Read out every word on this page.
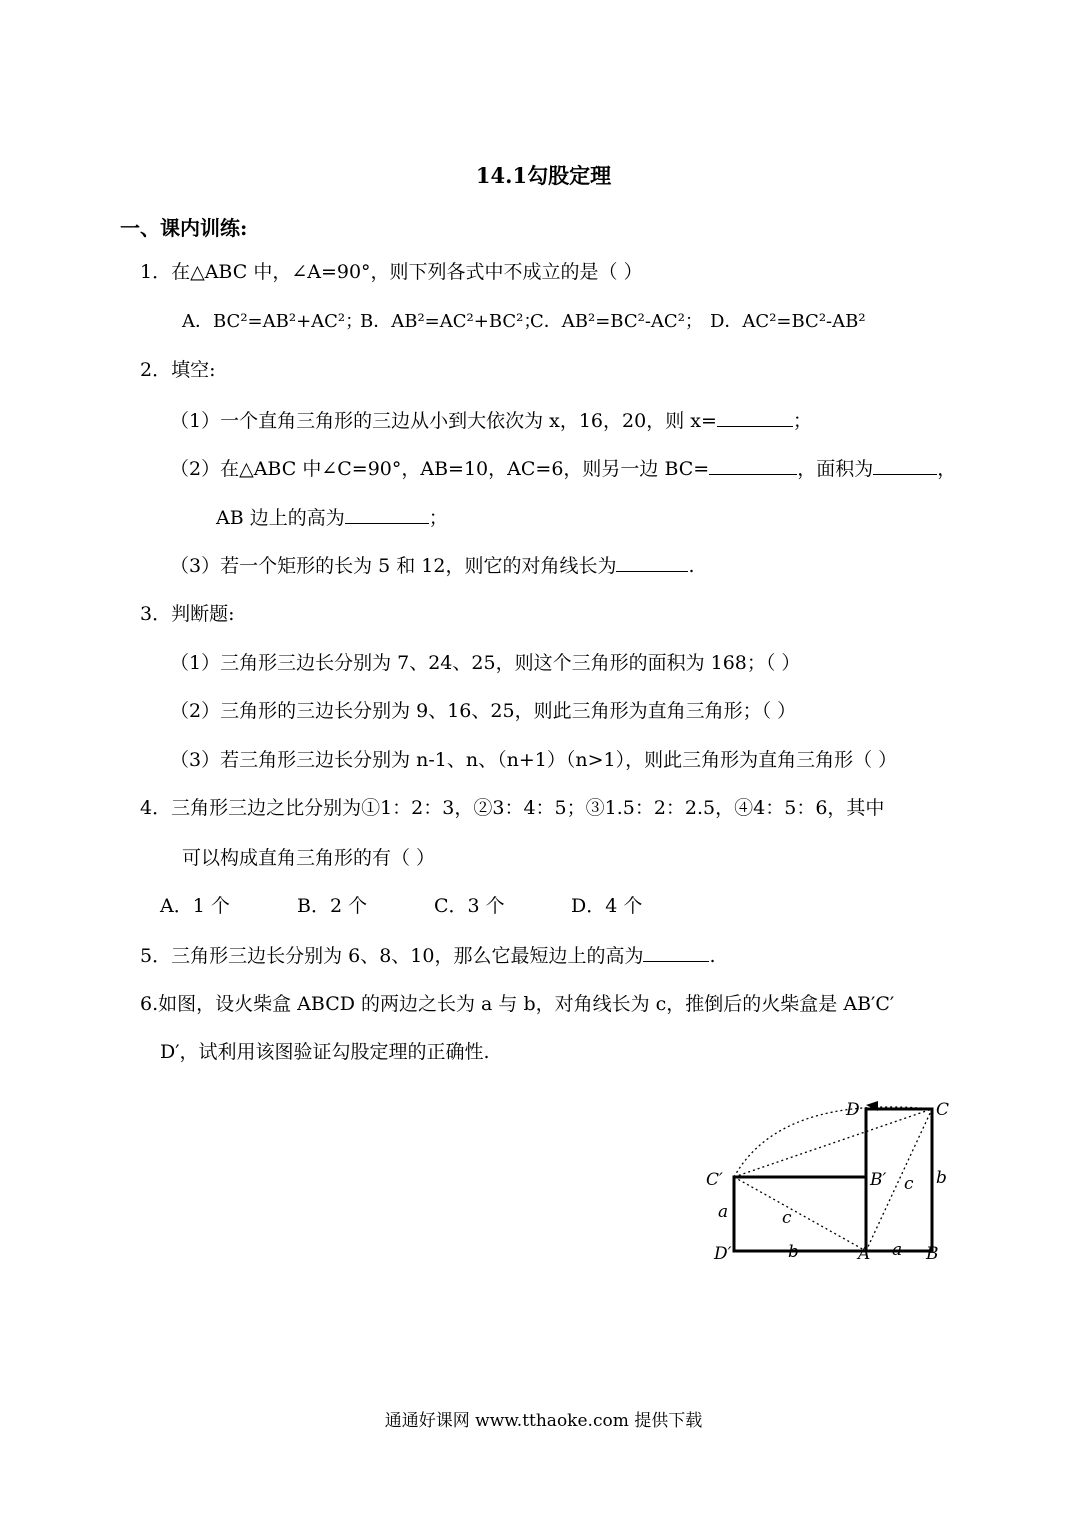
14.1勾股定理
一、课内训练:
1．在△ABC 中，∠A=90°，则下列各式中不成立的是（ ）
A．BC²=AB²+AC²；B．AB²=AC²+BC²；C．AB²=BC²-AC²； D．AC²=BC²-AB²
2．填空:
（1）一个直角三角形的三边从小到大依次为 x，16，20，则 x=	；
（2）在△ABC 中∠C=90°，AB=10，AC=6，则另一边 BC=	，面积为	，
AB 边上的高为	；
（3）若一个矩形的长为 5 和 12，则它的对角线长为	.
3．判断题:
（1）三角形三边长分别为 7、24、25，则这个三角形的面积为 168；（ ）
（2）三角形的三边长分别为 9、16、25，则此三角形为直角三角形；（ ）
（3）若三角形三边长分别为 n-1、n、（n+1）（n>1），则此三角形为直角三角形（ ）
4．三角形三边之比分别为①1：2：3，②3：4：5；③1.5：2：2.5，④4：5：6，其中
可以构成直角三角形的有（ ）
A．1 个	B．2 个	C．3 个	D．4 个
5．三角形三边长分别为 6、8、10，那么它最短边上的高为	.
6.如图，设火柴盒 ABCD 的两边之长为 a 与 b，对角线长为 c，推倒后的火柴盒是 AB′C′
D′，试利用该图验证勾股定理的正确性.
D	C
C′	B′ c b
a	c
D′	b	A a B
通通好课网 www.tthaoke.com 提供下载
